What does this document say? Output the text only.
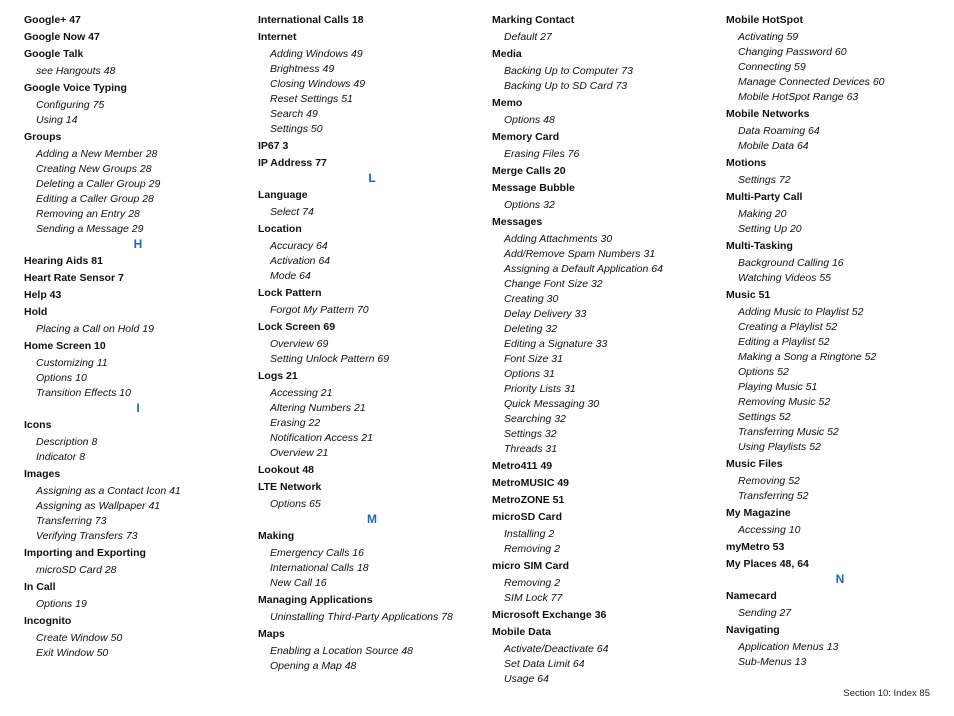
Google+ 47
Google Now 47
Google Talk
see Hangouts 48
Google Voice Typing
Configuring 75
Using 14
Groups
Adding a New Member 28
Creating New Groups 28
Deleting a Caller Group 29
Editing a Caller Group 28
Removing an Entry 28
Sending a Message 29
H
Hearing Aids 81
Heart Rate Sensor 7
Help 43
Hold
Placing a Call on Hold 19
Home Screen 10
Customizing 11
Options 10
Transition Effects 10
I
Icons
Description 8
Indicator 8
Images
Assigning as a Contact Icon 41
Assigning as Wallpaper 41
Transferring 73
Verifying Transfers 73
Importing and Exporting
microSD Card 28
In Call
Options 19
Incognito
Create Window 50
Exit Window 50
International Calls 18
Internet
Adding Windows 49
Brightness 49
Closing Windows 49
Reset Settings 51
Search 49
Settings 50
IP67 3
IP Address 77
L
Language
Select 74
Location
Accuracy 64
Activation 64
Mode 64
Lock Pattern
Forgot My Pattern 70
Lock Screen 69
Overview 69
Setting Unlock Pattern 69
Logs 21
Accessing 21
Altering Numbers 21
Erasing 22
Notification Access 21
Overview 21
Lookout 48
LTE Network
Options 65
M
Making
Emergency Calls 16
International Calls 18
New Call 16
Managing Applications
Uninstalling Third-Party Applications 78
Maps
Enabling a Location Source 48
Opening a Map 48
Marking Contact
Default 27
Media
Backing Up to Computer 73
Backing Up to SD Card 73
Memo
Options 48
Memory Card
Erasing Files 76
Merge Calls 20
Message Bubble
Options 32
Messages
Adding Attachments 30
Add/Remove Spam Numbers 31
Assigning a Default Application 64
Change Font Size 32
Creating 30
Delay Delivery 33
Deleting 32
Editing a Signature 33
Font Size 31
Options 31
Priority Lists 31
Quick Messaging 30
Searching 32
Settings 32
Threads 31
Metro411 49
MetroMUSIC 49
MetroZONE 51
microSD Card
Installing 2
Removing 2
micro SIM Card
Removing 2
SIM Lock 77
Microsoft Exchange 36
Mobile Data
Activate/Deactivate 64
Set Data Limit 64
Usage 64
Mobile HotSpot
Activating 59
Changing Password 60
Connecting 59
Manage Connected Devices 60
Mobile HotSpot Range 63
Mobile Networks
Data Roaming 64
Mobile Data 64
Motions
Settings 72
Multi-Party Call
Making 20
Setting Up 20
Multi-Tasking
Background Calling 16
Watching Videos 55
Music 51
Adding Music to Playlist 52
Creating a Playlist 52
Editing a Playlist 52
Making a Song a Ringtone 52
Options 52
Playing Music 51
Removing Music 52
Settings 52
Transferring Music 52
Using Playlists 52
Music Files
Removing 52
Transferring 52
My Magazine
Accessing 10
myMetro 53
My Places 48, 64
N
Namecard
Sending 27
Navigating
Application Menus 13
Sub-Menus 13
Section 10: Index 85
